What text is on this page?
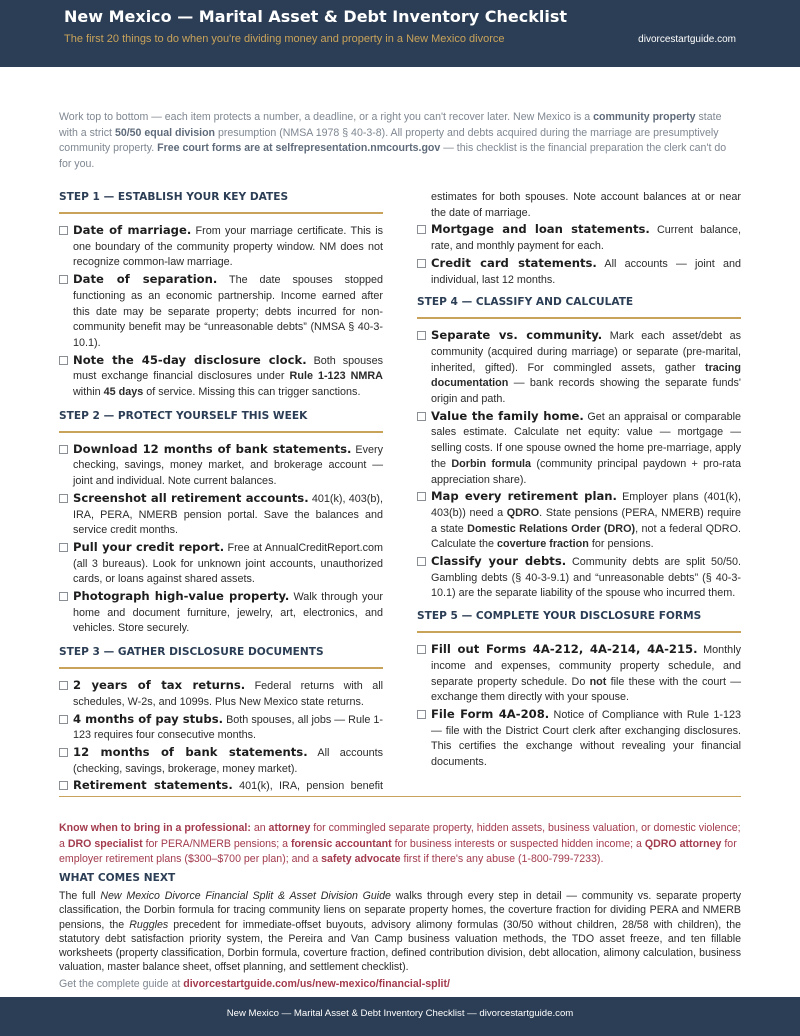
New Mexico — Marital Asset & Debt Inventory Checklist
The first 20 things to do when you're dividing money and property in a New Mexico divorce	divorcestartguide.com

Work top to bottom — each item protects a number, a deadline, or a right you can't recover later. New Mexico is a community property state with a strict 50/50 equal division presumption (NMSA 1978 § 40-3-8). All property and debts acquired during the marriage are presumptively community property. Free court forms are at selfrepresentation.nmcourts.gov — this checklist is the financial preparation the clerk can't do for you.

STEP 1 — ESTABLISH YOUR KEY DATES
Date of marriage. From your marriage certificate. This is one boundary of the community property window. NM does not recognize common-law marriage.
Date of separation. The date spouses stopped functioning as an economic partnership. Income earned after this date may be separate property; debts incurred for non-community benefit may be “unreasonable debts” (NMSA § 40-3-10.1).
Note the 45-day disclosure clock. Both spouses must exchange financial disclosures under Rule 1-123 NMRA within 45 days of service. Missing this can trigger sanctions.
STEP 2 — PROTECT YOURSELF THIS WEEK
Download 12 months of bank statements. Every checking, savings, money market, and brokerage account — joint and individual. Note current balances.
Screenshot all retirement accounts. 401(k), 403(b), IRA, PERA, NMERB pension portal. Save the balances and service credit months.
Pull your credit report. Free at AnnualCreditReport.com (all 3 bureaus). Look for unknown joint accounts, unauthorized cards, or loans against shared assets.
Photograph high-value property. Walk through your home and document furniture, jewelry, art, electronics, and vehicles. Store securely.
STEP 3 — GATHER DISCLOSURE DOCUMENTS
2 years of tax returns. Federal returns with all schedules, W-2s, and 1099s. Plus New Mexico state returns.
4 months of pay stubs. Both spouses, all jobs — Rule 1-123 requires four consecutive months.
12 months of bank statements. All accounts (checking, savings, brokerage, money market).
Retirement statements. 401(k), IRA, pension benefit
estimates for both spouses. Note account balances at or near the date of marriage.
Mortgage and loan statements. Current balance, rate, and monthly payment for each.
Credit card statements. All accounts — joint and individual, last 12 months.
STEP 4 — CLASSIFY AND CALCULATE
Separate vs. community. Mark each asset/debt as community (acquired during marriage) or separate (pre-marital, inherited, gifted). For commingled assets, gather tracing documentation — bank records showing the separate funds' origin and path.
Value the family home. Get an appraisal or comparable sales estimate. Calculate net equity: value — mortgage — selling costs. If one spouse owned the home pre-marriage, apply the Dorbin formula (community principal paydown + pro-rata appreciation share).
Map every retirement plan. Employer plans (401(k), 403(b)) need a QDRO. State pensions (PERA, NMERB) require a state Domestic Relations Order (DRO), not a federal QDRO. Calculate the coverture fraction for pensions.
Classify your debts. Community debts are split 50/50. Gambling debts (§ 40-3-9.1) and “unreasonable debts” (§ 40-3-10.1) are the separate liability of the spouse who incurred them.
STEP 5 — COMPLETE YOUR DISCLOSURE FORMS
Fill out Forms 4A-212, 4A-214, 4A-215. Monthly income and expenses, community property schedule, and separate property schedule. Do not file these with the court — exchange them directly with your spouse.
File Form 4A-208. Notice of Compliance with Rule 1-123 — file with the District Court clerk after exchanging disclosures. This certifies the exchange without revealing your financial documents.

Know when to bring in a professional: an attorney for commingled separate property, hidden assets, business valuation, or domestic violence; a DRO specialist for PERA/NMERB pensions; a forensic accountant for business interests or suspected hidden income; a QDRO attorney for employer retirement plans ($300–$700 per plan); and a safety advocate first if there's any abuse (1-800-799-7233).

WHAT COMES NEXT

The full New Mexico Divorce Financial Split & Asset Division Guide walks through every step in detail — community vs. separate property classification, the Dorbin formula for tracing community liens on separate property homes, the coverture fraction for dividing PERA and NMERB pensions, the Ruggles precedent for immediate-offset buyouts, advisory alimony formulas (30/50 without children, 28/58 with children), the statutory debt satisfaction priority system, the Pereira and Van Camp business valuation methods, the TDO asset freeze, and ten fillable worksheets (property classification, Dorbin formula, coverture fraction, defined contribution division, debt allocation, alimony calculation, business valuation, master balance sheet, offset planning, and settlement checklist).

Get the complete guide at divorcestartguide.com/us/new-mexico/financial-split/
New Mexico — Marital Asset & Debt Inventory Checklist — divorcestartguide.com
